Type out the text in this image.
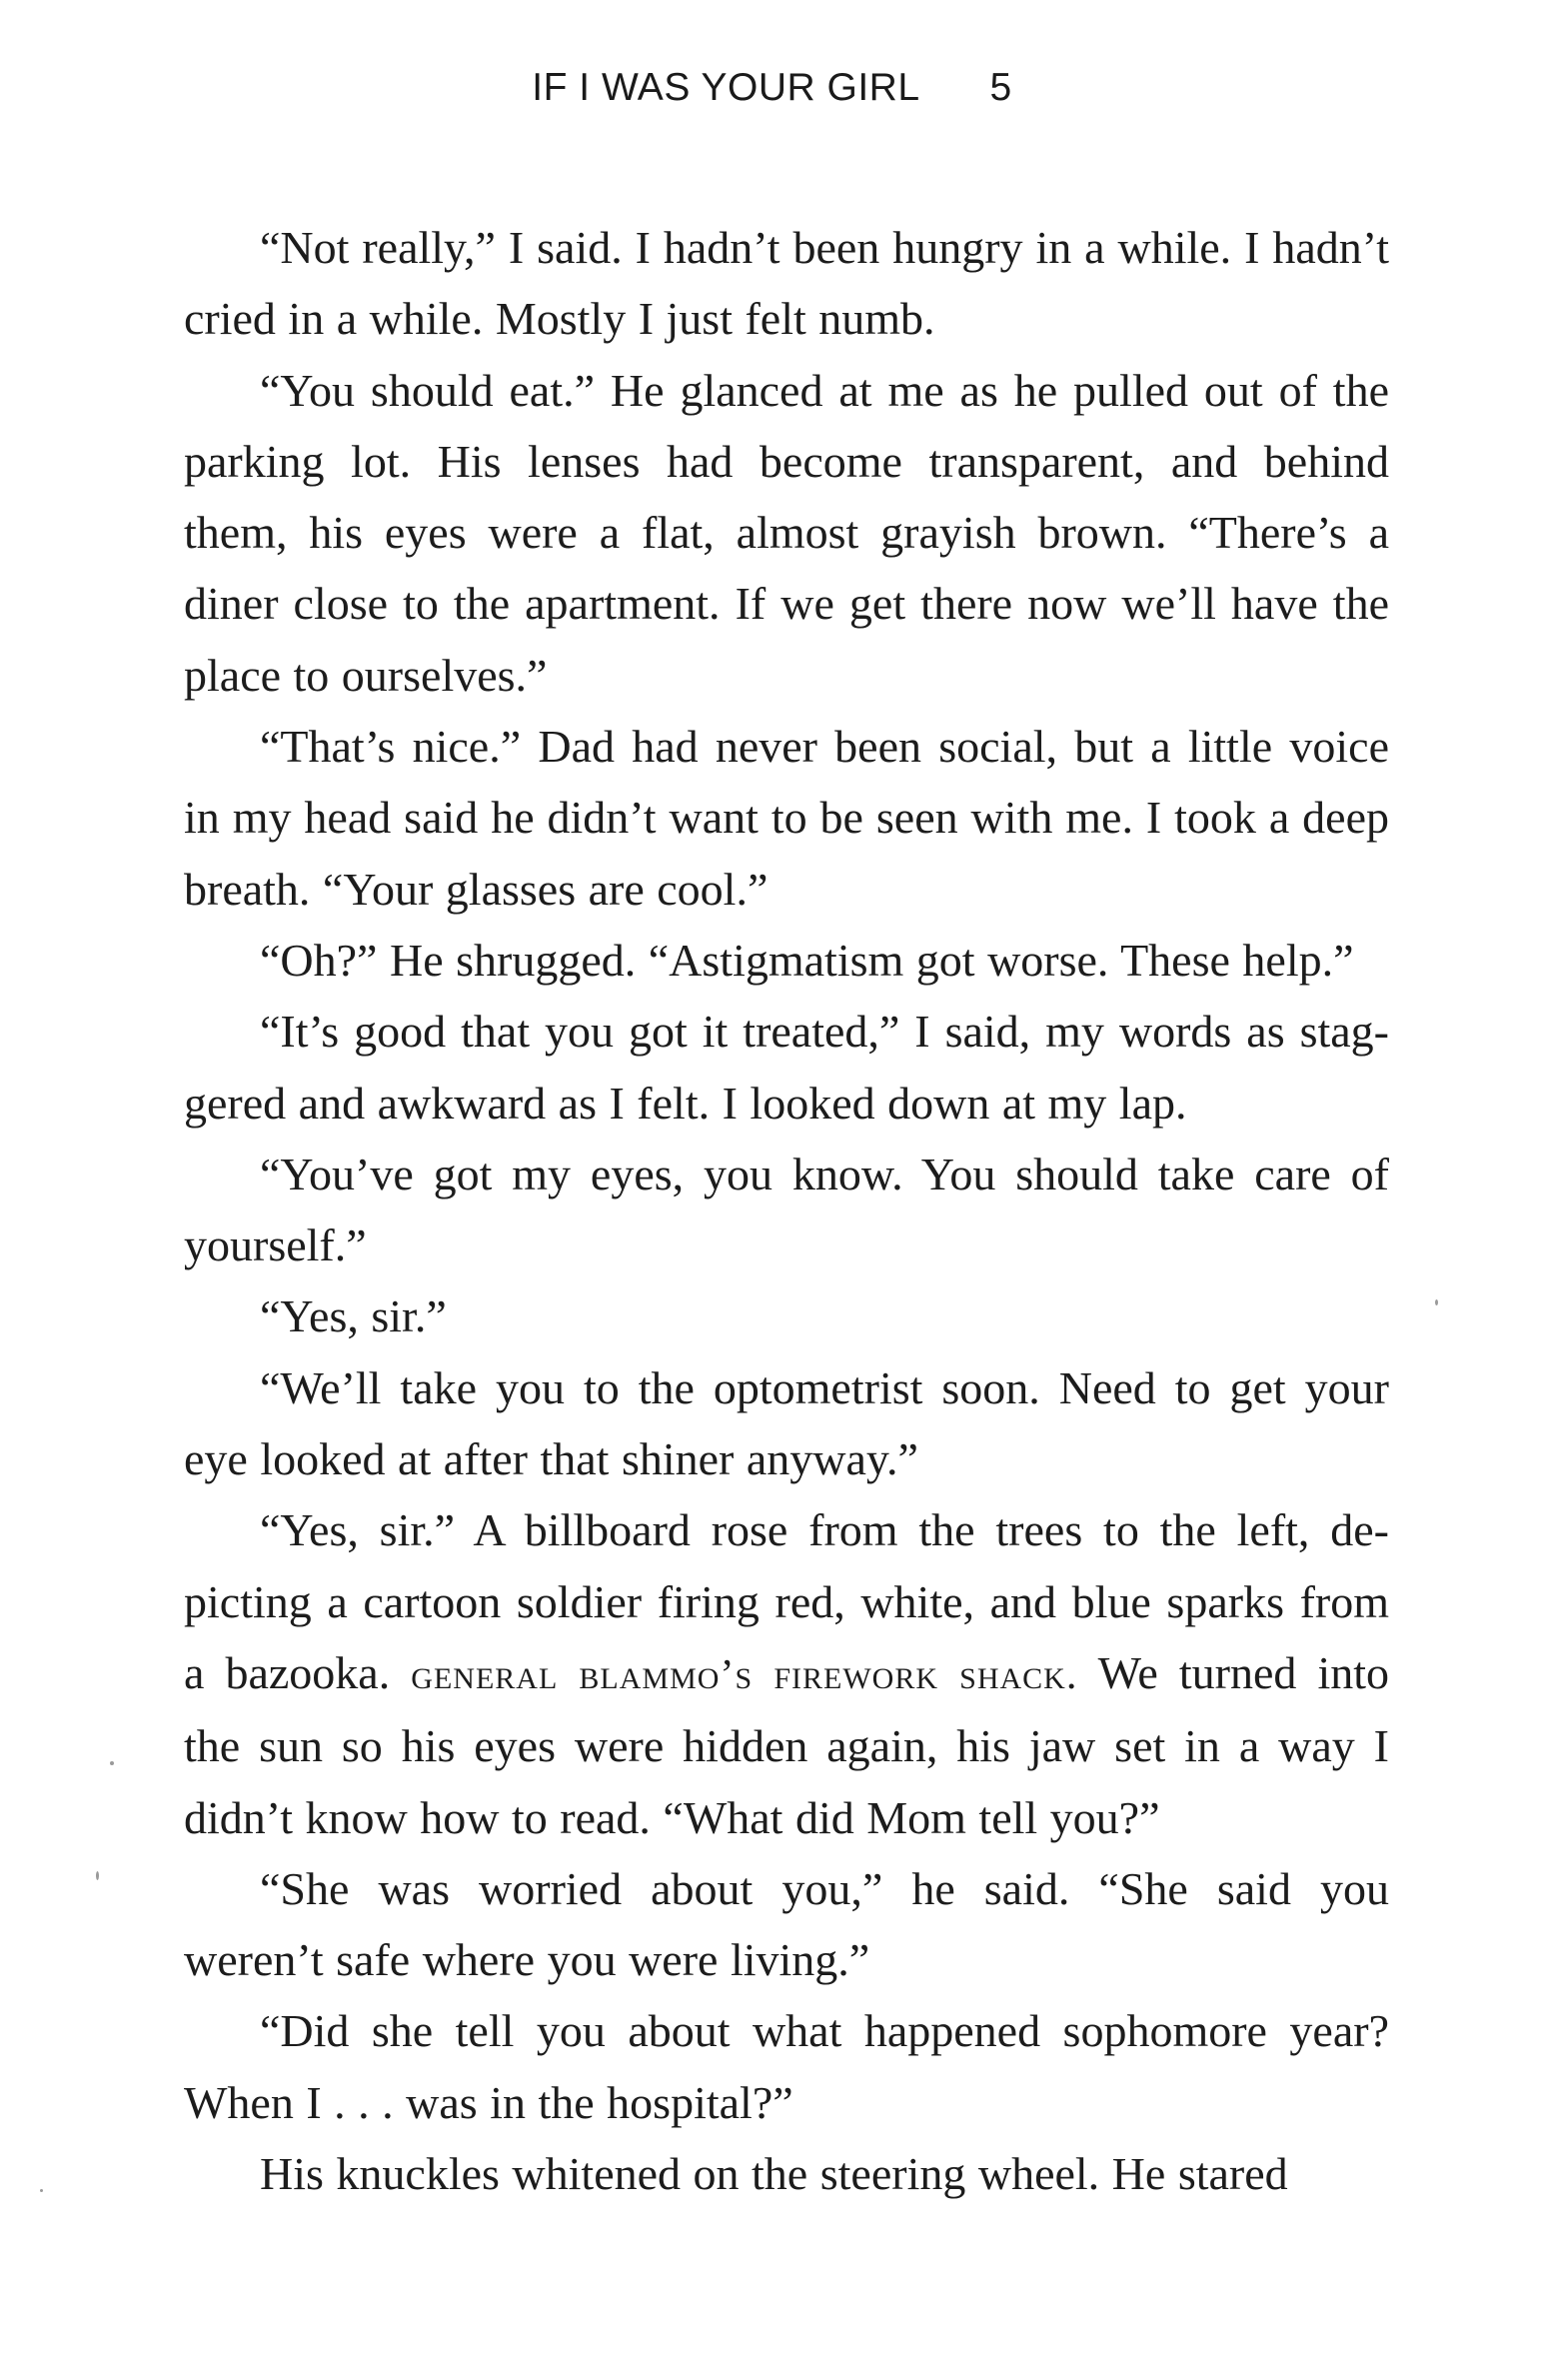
IF I WAS YOUR GIRL 5

“Not really,” I said. I hadn’t been hungry in a while. I hadn’t cried in a while. Mostly I just felt numb.

“You should eat.” He glanced at me as he pulled out of the parking lot. His lenses had become transparent, and behind them, his eyes were a flat, almost grayish brown. “There’s a diner close to the apartment. If we get there now we’ll have the place to ourselves.”

“That’s nice.” Dad had never been social, but a little voice in my head said he didn’t want to be seen with me. I took a deep breath. “Your glasses are cool.”

“Oh?” He shrugged. “Astigmatism got worse. These help.”

“It’s good that you got it treated,” I said, my words as staggered and awkward as I felt. I looked down at my lap.

“You’ve got my eyes, you know. You should take care of yourself.”

“Yes, sir.”

“We’ll take you to the optometrist soon. Need to get your eye looked at after that shiner anyway.”

“Yes, sir.” A billboard rose from the trees to the left, depicting a cartoon soldier firing red, white, and blue sparks from a bazooka. general blammo’s firework shack. We turned into the sun so his eyes were hidden again, his jaw set in a way I didn’t know how to read. “What did Mom tell you?”

“She was worried about you,” he said. “She said you weren’t safe where you were living.”

“Did she tell you about what happened sophomore year? When I . . . was in the hospital?”

His knuckles whitened on the steering wheel. He stared
